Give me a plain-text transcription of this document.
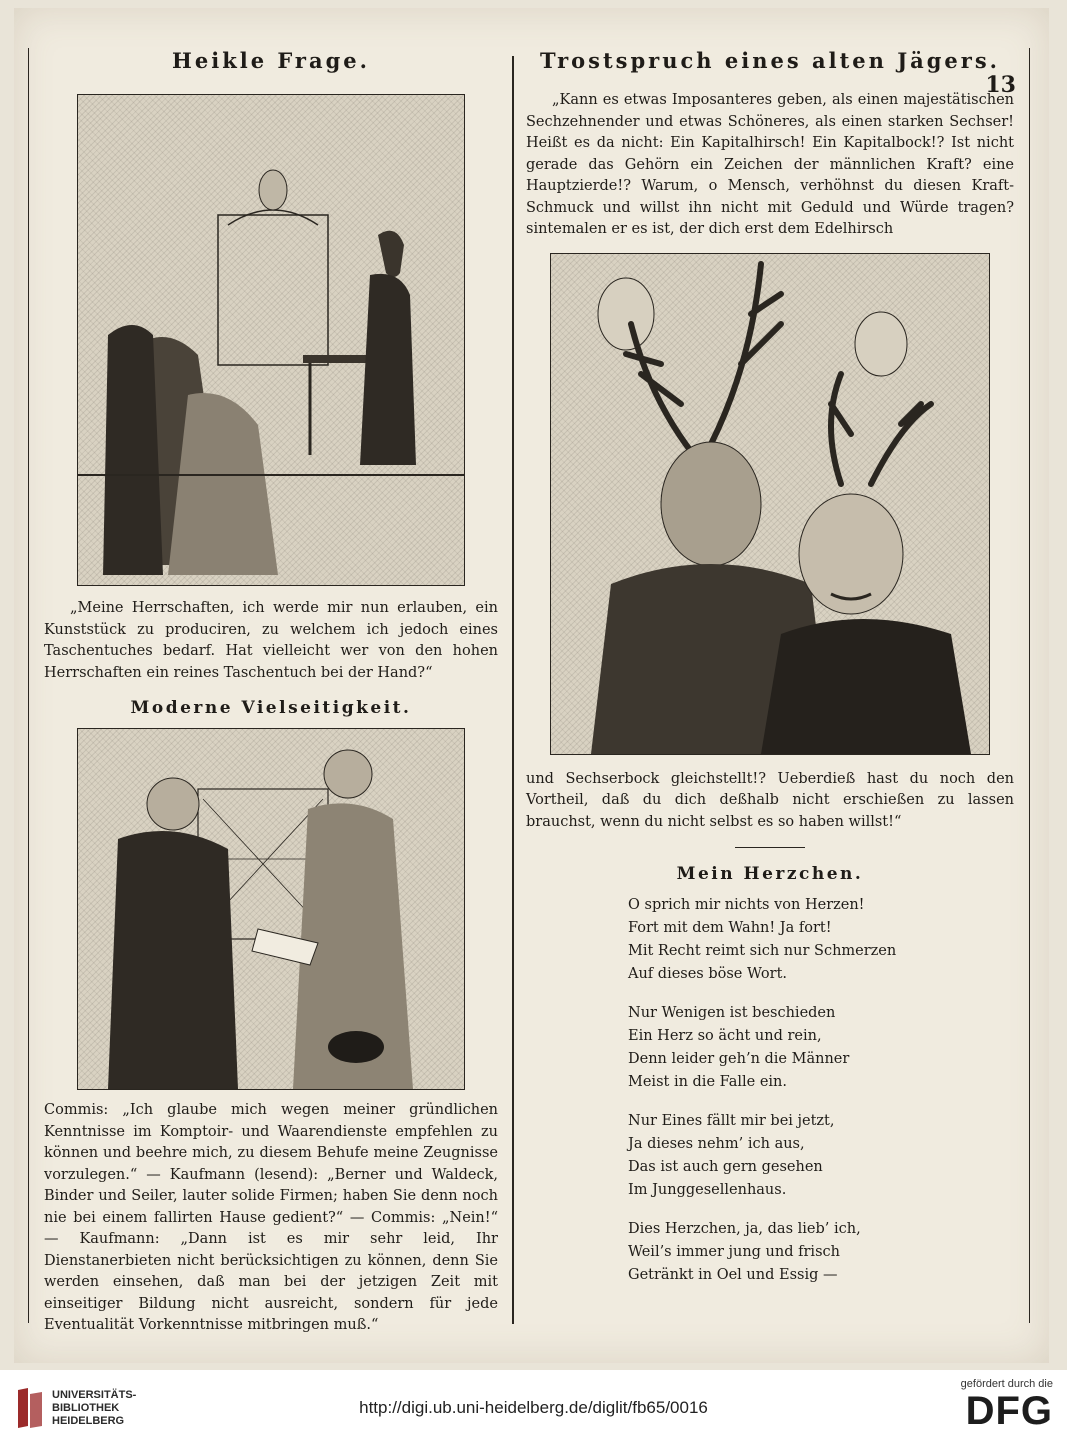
Heikle Frage.

„Meine Herrschaften, ich werde mir nun erlauben, ein Kunststück zu produciren, zu welchem ich jedoch eines Taschentuches bedarf. Hat vielleicht wer von den hohen Herrschaften ein reines Taschentuch bei der Hand?“

Moderne Vielseitigkeit.

Commis: „Ich glaube mich wegen meiner gründlichen Kenntnisse im Komptoir- und Waarendienste empfehlen zu können und beehre mich, zu diesem Behufe meine Zeugnisse vorzulegen.“ — Kaufmann (lesend): „Berner und Waldeck, Binder und Seiler, lauter solide Firmen; haben Sie denn noch nie bei einem fallirten Hause gedient?“ — Commis: „Nein!“ — Kaufmann: „Dann ist es mir sehr leid, Ihr Dienstanerbieten nicht berücksichtigen zu können, denn Sie werden einsehen, daß man bei der jetzigen Zeit mit einseitiger Bildung nicht ausreicht, sondern für jede Eventualität Vorkenntnisse mitbringen muß.“

Trostspruch eines alten Jägers.
13

„Kann es etwas Imposanteres geben, als einen majestätischen Sechzehnender und etwas Schöneres, als einen starken Sechser! Heißt es da nicht: Ein Kapitalhirsch! Ein Kapitalbock!? Ist nicht gerade das Gehörn ein Zeichen der männlichen Kraft? eine Hauptzierde!? Warum, o Mensch, verhöhnst du diesen Kraft-Schmuck und willst ihn nicht mit Geduld und Würde tragen? sintemalen er es ist, der dich erst dem Edelhirsch

und Sechserbock gleichstellt!? Ueberdieß hast du noch den Vortheil, daß du dich deßhalb nicht erschießen zu lassen brauchst, wenn du nicht selbst es so haben willst!“

Mein Herzchen.
O sprich mir nichts von Herzen!
Fort mit dem Wahn! Ja fort!
Mit Recht reimt sich nur Schmerzen
Auf dieses böse Wort.
Nur Wenigen ist beschieden
Ein Herz so ächt und rein,
Denn leider geh’n die Männer
Meist in die Falle ein.
Nur Eines fällt mir bei jetzt,
Ja dieses nehm’ ich aus,
Das ist auch gern gesehen
Im Junggesellenhaus.
Dies Herzchen, ja, das lieb’ ich,
Weil’s immer jung und frisch
Getränkt in Oel und Essig —
UNIVERSITÄTS-
BIBLIOTHEK
HEIDELBERG
http://digi.ub.uni-heidelberg.de/diglit/fb65/0016
gefördert durch die
DFG
